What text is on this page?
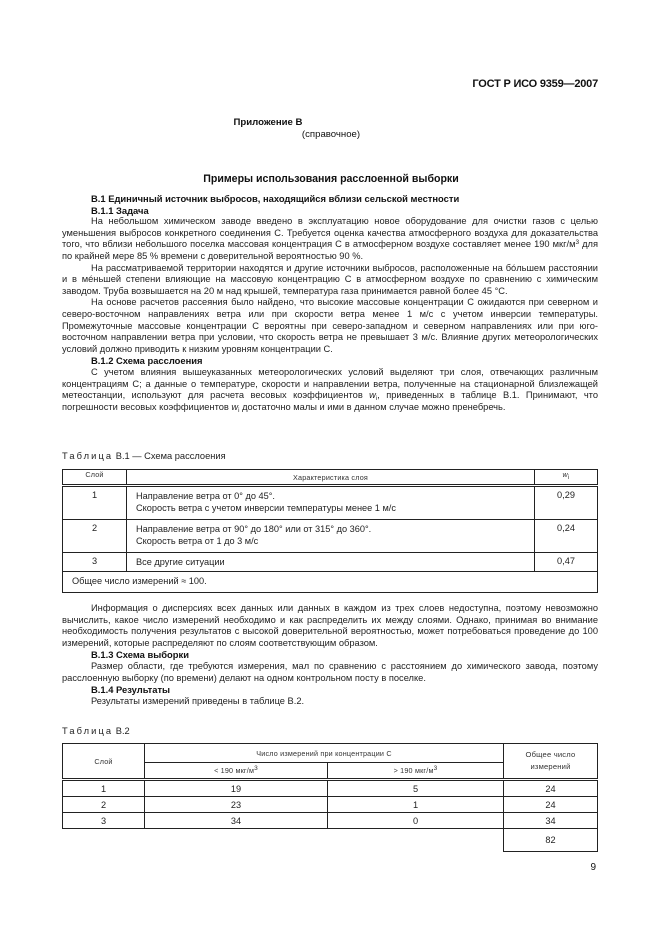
ГОСТ Р ИСО 9359—2007
Приложение B
(справочное)
Примеры использования расслоенной выборки
B.1 Единичный источник выбросов, находящийся вблизи сельской местности
B.1.1 Задача

На небольшом химическом заводе введено в эксплуатацию новое оборудование для очистки газов с целью уменьшения выбросов конкретного соединения С. Требуется оценка качества атмосферного воздуха для доказательства того, что вблизи небольшого поселка массовая концентрация С в атмосферном воздухе составляет менее 190 мкг/$м^3$ для по крайней мере 85 % времени с доверительной вероятностью 90 %.

На рассматриваемой территории находятся и другие источники выбросов, расположенные на бóльшем расстоянии и в мéньшей степени влияющие на массовую концентрацию С в атмосферном воздухе по сравнению с химическим заводом. Труба возвышается на 20 м над крышей, температура газа принимается равной более 45 °C.

На основе расчетов рассеяния было найдено, что высокие массовые концентрации С ожидаются при северном и северо-восточном направлениях ветра или при скорости ветра менее 1 м/с с учетом инверсии температуры. Промежуточные массовые концентрации С вероятны при северо-западном и северном направлениях или при юго-восточном направлении ветра при условии, что скорость ветра не превышает 3 м/с. Влияние других метеорологических условий должно приводить к низким уровням концентрации С.

B.1.2 Схема расслоения

С учетом влияния вышеуказанных метеорологических условий выделяют три слоя, отвечающих различным концентрациям С; а данные о температуре, скорости и направлении ветра, полученные на стационарной близлежащей метеостанции, используют для расчета весовых коэффициентов $w_i$, приведенных в таблице B.1. Принимают, что погрешности весовых коэффициентов $w_i$ достаточно малы и ими в данном случае можно пренебречь.

Таблица B.1 — Схема расслоения
Слой	Характеристика слоя	$w_i$
1	Направление ветра от 0° до 45°.
Скорость ветра с учетом инверсии температуры менее 1 м/с	0,29
2	Направление ветра от 90° до 180° или от 315° до 360°.
Скорость ветра от 1 до 3 м/с	0,24
3	Все другие ситуации	0,47
Общее число измерений ≈ 100.		

Информация о дисперсиях всех данных или данных в каждом из трех слоев недоступна, поэтому невозможно вычислить, какое число измерений необходимо и как распределить их между слоями. Однако, принимая во внимание необходимость получения результатов с высокой доверительной вероятностью, может потребоваться проведение до 100 измерений, которые распределяют по слоям соответствующим образом.

B.1.3 Схема выборки

Размер области, где требуются измерения, мал по сравнению с расстоянием до химического завода, поэтому расслоенную выборку (по времени) делают на одном контрольном посту в поселке.

B.1.4 Результаты

Результаты измерений приведены в таблице B.2.

Таблица B.2
Слой	Число измерений при концентрации С		Общее число
измерений

	< 190 мкг/$м^3$	> 190 мкг/$м^3$
1	19	5	24
2	23	1	24
3	34	0	34
			82
9
